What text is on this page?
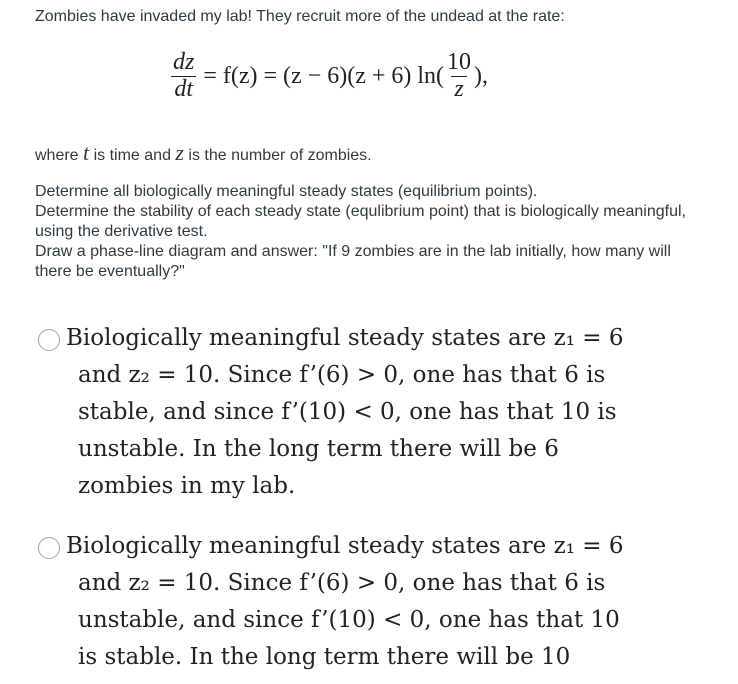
Zombies have invaded my lab! They recruit more of the undead at the rate:
$\frac{dz}{dt} = f(z) = (z - 6)(z + 6)$ $\ln( \frac{10}{z}$ ),
where t is time and z is the number of zombies.

Determine all biologically meaningful steady states (equilibrium points).

Determine the stability of each steady state (equlibrium point) that is biologically meaningful, using the derivative test.

Draw a phase-line diagram and answer: "If 9 zombies are in the lab initially, how many will there be eventually?"

Biologically meaningful steady states are z₁ = 6
and z₂ = 10. Since f’(6) > 0, one has that 6 is
stable, and since f’(10) < 0, one has that 10 is
unstable. In the long term there will be 6
zombies in my lab.
Biologically meaningful steady states are z₁ = 6
and z₂ = 10. Since f’(6) > 0, one has that 6 is
unstable, and since f’(10) < 0, one has that 10
is stable. In the long term there will be 10
